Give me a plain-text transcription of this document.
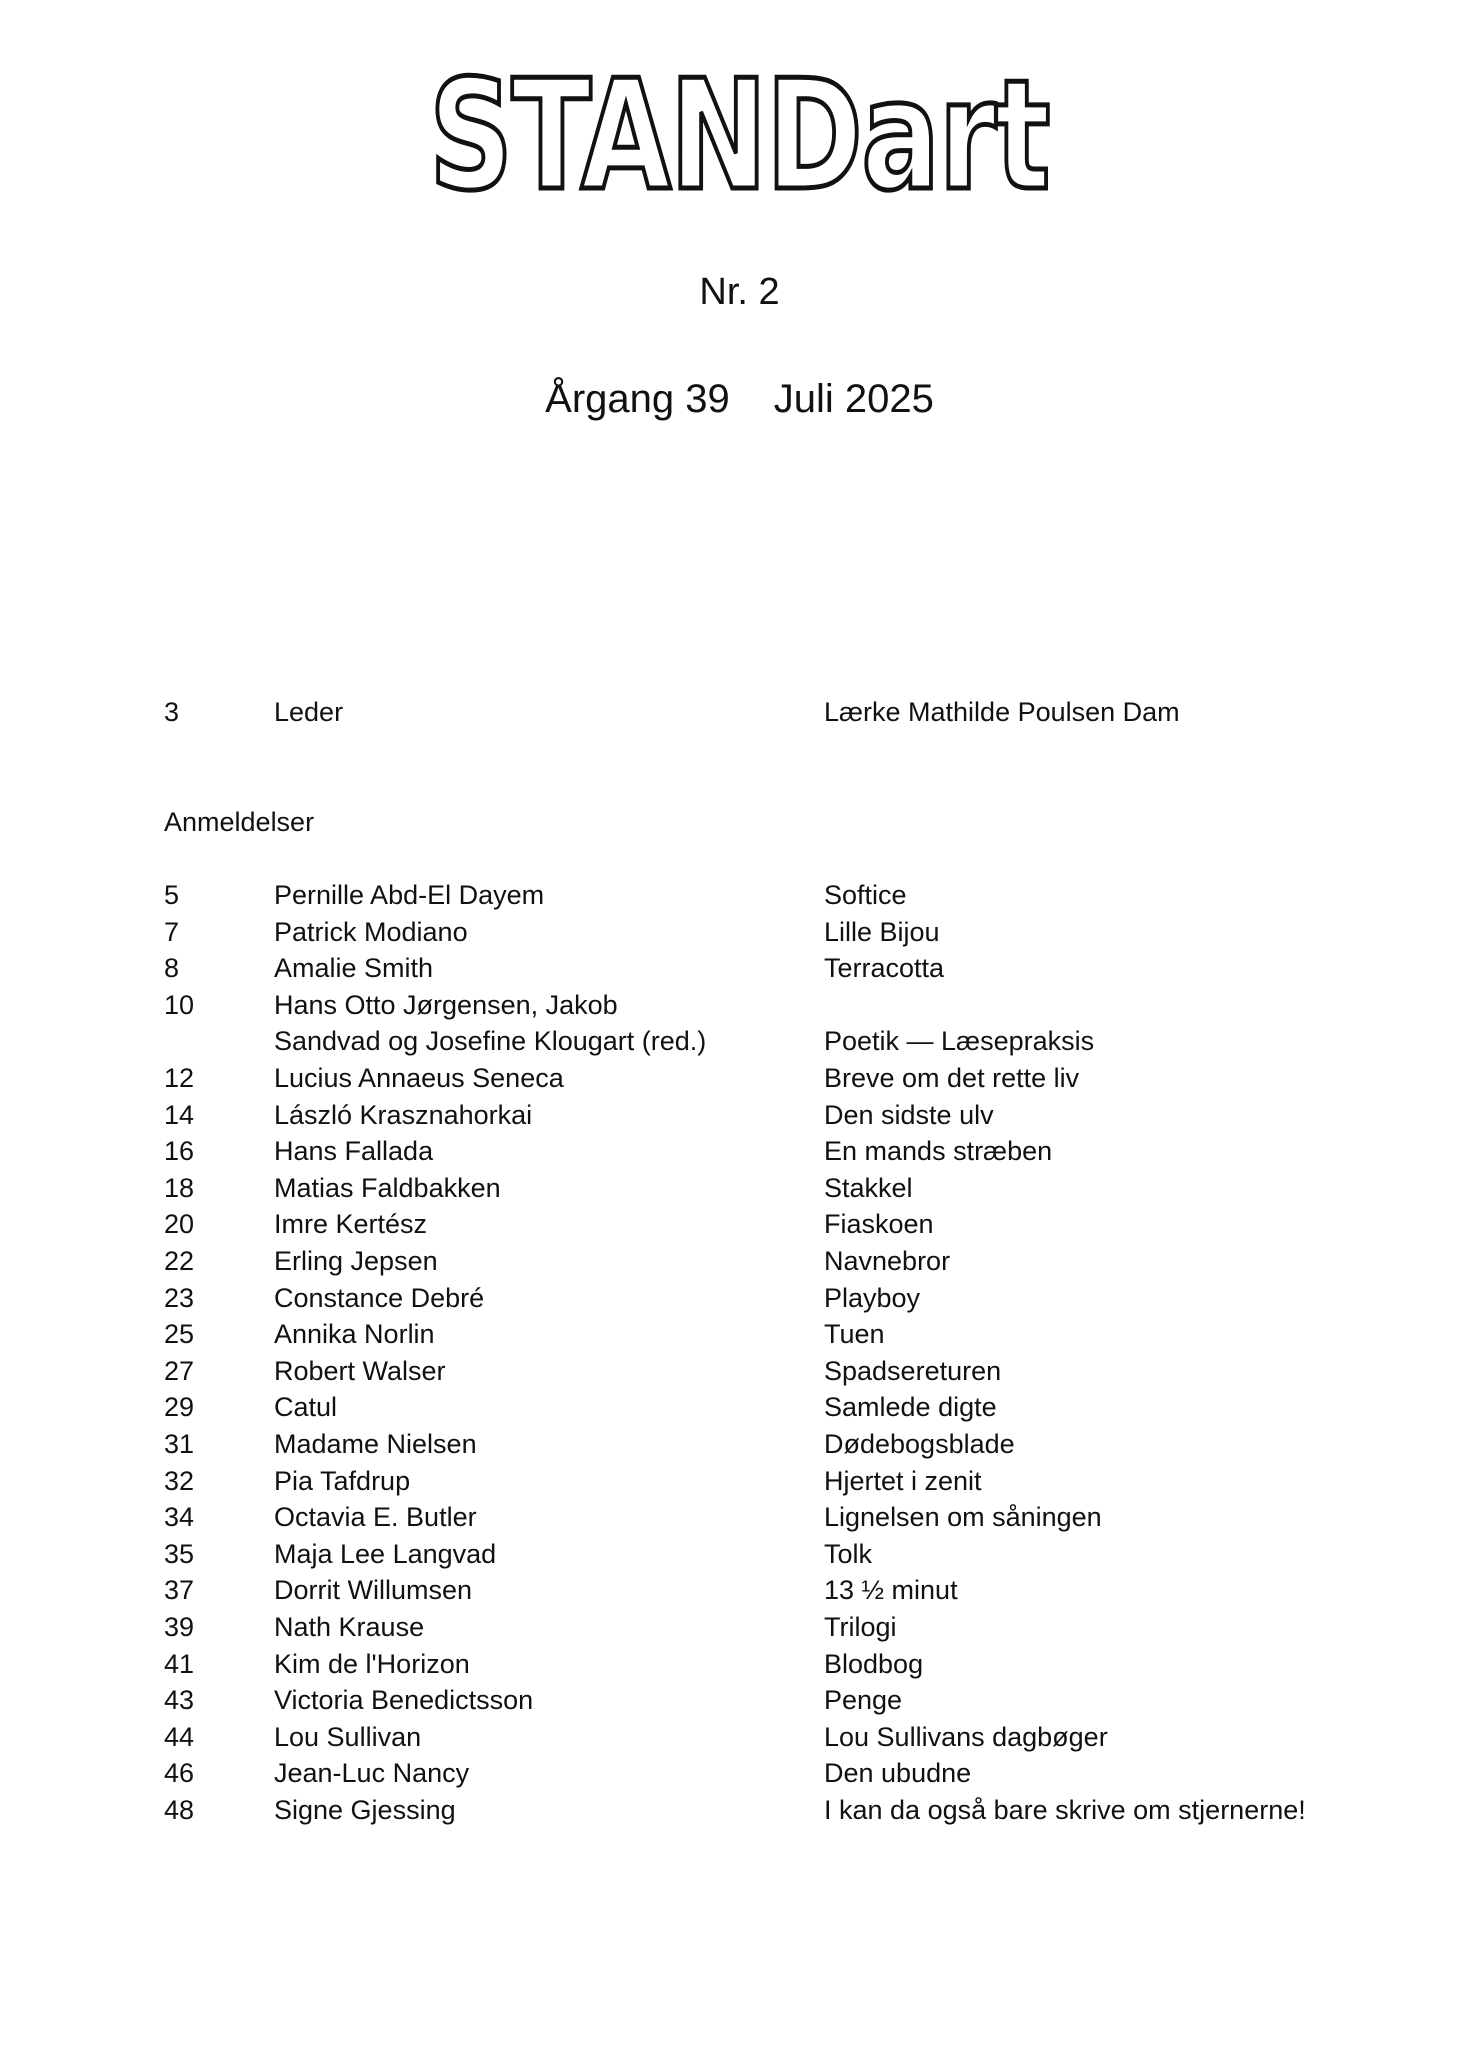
STANDart
Nr. 2
Årgang 39 Juli 2025
3	Leder	Lærke Mathilde Poulsen Dam
Anmeldelser
5	Pernille Abd-El Dayem	Softice
7	Patrick Modiano	Lille Bijou
8	Amalie Smith	Terracotta
10	Hans Otto Jørgensen, Jakob
Sandvad og Josefine Klougart (red.)	Poetik — Læsepraksis
12	Lucius Annaeus Seneca	Breve om det rette liv
14	László Krasznahorkai	Den sidste ulv
16	Hans Fallada	En mands stræben
18	Matias Faldbakken	Stakkel
20	Imre Kertész	Fiaskoen
22	Erling Jepsen	Navnebror
23	Constance Debré	Playboy
25	Annika Norlin	Tuen
27	Robert Walser	Spadsereturen
29	Catul	Samlede digte
31	Madame Nielsen	Dødebogsblade
32	Pia Tafdrup	Hjertet i zenit
34	Octavia E. Butler	Lignelsen om såningen
35	Maja Lee Langvad	Tolk
37	Dorrit Willumsen	13 ½ minut
39	Nath Krause	Trilogi
41	Kim de l'Horizon	Blodbog
43	Victoria Benedictsson	Penge
44	Lou Sullivan	Lou Sullivans dagbøger
46	Jean-Luc Nancy	Den ubudne
48	Signe Gjessing	I kan da også bare skrive om stjernerne!
